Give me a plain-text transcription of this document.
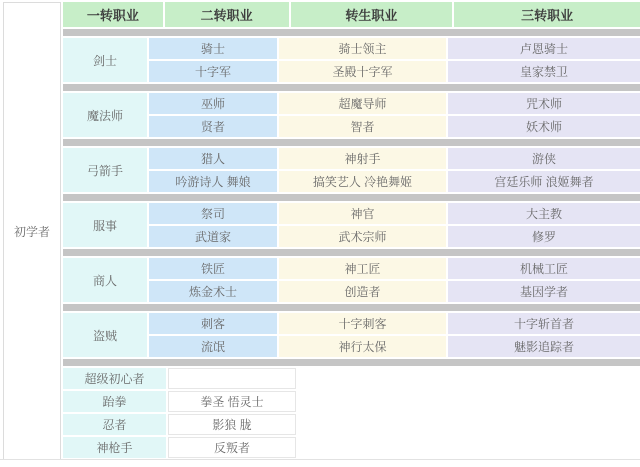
初学者
一转职业	二转职业	转生职业	三转职业
剑士
骑士	骑士领主	卢恩骑士
十字军	圣殿十字军	皇家禁卫
魔法师
巫师	超魔导师	咒术师
贤者	智者	妖术师
弓箭手
猎人	神射手	游侠
吟游诗人 舞娘	搞笑艺人 冷艳舞姬	宫廷乐师 浪姬舞者
服事
祭司	神官	大主教
武道家	武术宗师	修罗
商人
铁匠	神工匠	机械工匠
炼金术士	创造者	基因学者
盗贼
刺客	十字刺客	十字斩首者
流氓	神行太保	魅影追踪者
超级初心者
跆拳	拳圣 悟灵士
忍者	影狼 胧
神枪手	反叛者
